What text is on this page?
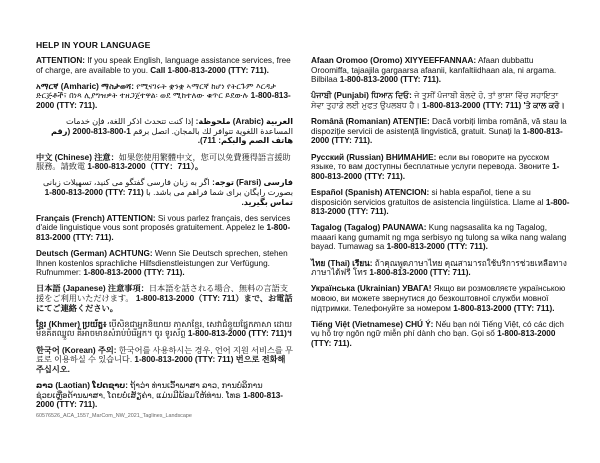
HELP IN YOUR LANGUAGE

ATTENTION: If you speak English, language assistance services, free of charge, are available to you. Call 1-800-813-2000 (TTY: 711).

አማርኛ (Amharic) ማስታወሻ: የሚናገሩት ቋንቋ ኣማርኛ ከሆነ የትርጉም እርዳታ ድርጅቶች፣ በነጻ ሊያግዝዎት ተዘጋጀተዋል፡ ወደ ሚከተለው ቁጥር ይደውሉ 1-800-813-2000 (TTY: 711).

العربية (Arabic) ملحوظة: إذا كنت تتحدث اذكر اللغة، فإن خدمات المساعدة اللغوية تتوافر لك بالمجان. اتصل برقم 1-800-813-2000 (رقم هاتف الصم والبكم: 711).

中文 (Chinese) 注意：如果您使用繁體中文，您可以免費獲得語言援助服務。請致電 1-800-813-2000（TTY：711）。

فارسی (Farsi) توجه: اگر به زبان فارسی گفتگو می کنید، تسهیلات زبانی بصورت رایگان برای شما فراهم می باشد. با (TTY: 711) 1-800-813-2000 تماس بگیرید.

Français (French) ATTENTION: Si vous parlez français, des services d'aide linguistique vous sont proposés gratuitement. Appelez le 1-800-813-2000 (TTY: 711).

Deutsch (German) ACHTUNG: Wenn Sie Deutsch sprechen, stehen Ihnen kostenlos sprachliche Hilfsdienstleistungen zur Verfügung. Rufnummer: 1-800-813-2000 (TTY: 711).

日本語 (Japanese) 注意事項：日本語を話される場合、無料の言語支援をご利用いただけます。 1-800-813-2000（TTY: 711）まで、お電話にてご連絡ください。

ខ្មែរ (Khmer) ប្រយ័ត្ន៖ បើសិនជាអ្នកនិយាយ ភាសាខ្មែរ, សេវាជំនួយផ្នែកភាសា ដោយមិនគិតឈ្នួល គឺអាចមានសំរាប់បំរើអ្នក។ ចូរ ទូរស័ព្ទ 1-800-813-2000 (TTY: 711)។

한국어 (Korean) 주의: 한국어를 사용하시는 경우, 언어 지원 서비스를 무료로 이용하실 수 있습니다. 1-800-813-2000 (TTY: 711) 번으로 전화해 주십시오.

ລາວ (Laotian) ໂປດຊາບ: ຖ້າວ່າ ທ່ານເວົ້າພາສາ ລາວ, ການບໍລິການຊ່ວຍເຫຼືອດ້ານພາສາ, ໂດຍບໍ່ເສັຽຄ່າ, ແມ່ນມີພ້ອມໃຫ້ທ່ານ. ໂທຣ 1-800-813-2000 (TTY: 711).

Afaan Oromoo (Oromo) XIYYEEFFANNAA: Afaan dubbattu Oroomiffa, tajaajila gargaarsa afaanii, kanfaltiidhaan ala, ni argama. Bilbilaa 1-800-813-2000 (TTY: 711).

ਪੰਜਾਬੀ (Punjabi) ਧਿਆਨ ਦਿਓ: ਜੇ ਤੁਸੀਂ ਪੰਜਾਬੀ ਬੋਲਦੇ ਹੋ, ਤਾਂ ਭਾਸ਼ਾ ਵਿੱਚ ਸਹਾਇਤਾ ਸੇਵਾ ਤੁਹਾਡੇ ਲਈ ਮੁਫਤ ਉਪਲਬਧ ਹੈ। 1-800-813-2000 (TTY: 711) 'ਤੇ ਕਾਲ ਕਰੋ।

Română (Romanian) ATENȚIE: Dacă vorbiți limba română, vă stau la dispoziție servicii de asistență lingvistică, gratuit. Sunați la 1-800-813-2000 (TTY: 711).

Русский (Russian) ВНИМАНИЕ: если вы говорите на русском языке, то вам доступны бесплатные услуги перевода. Звоните 1-800-813-2000 (TTY: 711).

Español (Spanish) ATENCION: si habla español, tiene a su disposición servicios gratuitos de asistencia lingüística. Llame al 1-800-813-2000 (TTY: 711).

Tagalog (Tagalog) PAUNAWA: Kung nagsasalita ka ng Tagalog, maaari kang gumamit ng mga serbisyo ng tulong sa wika nang walang bayad. Tumawag sa 1-800-813-2000 (TTY: 711).

ไทย (Thai) เรียน: ถ้าคุณพูดภาษาไทย คุณสามารถใช้บริการช่วยเหลือทางภาษาได้ฟรี โทร 1-800-813-2000 (TTY: 711).

Українська (Ukrainian) УВАГА! Якщо ви розмовляєте українською мовою, ви можете звернутися до безкоштовної служби мовної підтримки. Телефонуйте за номером 1-800-813-2000 (TTY: 711).

Tiếng Việt (Vietnamese) CHÚ Ý: Nếu bạn nói Tiếng Việt, có các dịch vụ hỗ trợ ngôn ngữ miễn phí dành cho bạn. Gọi số 1-800-813-2000 (TTY: 711).

60576526_ACA_1557_MarCom_NW_2021_Taglines_Landscape
